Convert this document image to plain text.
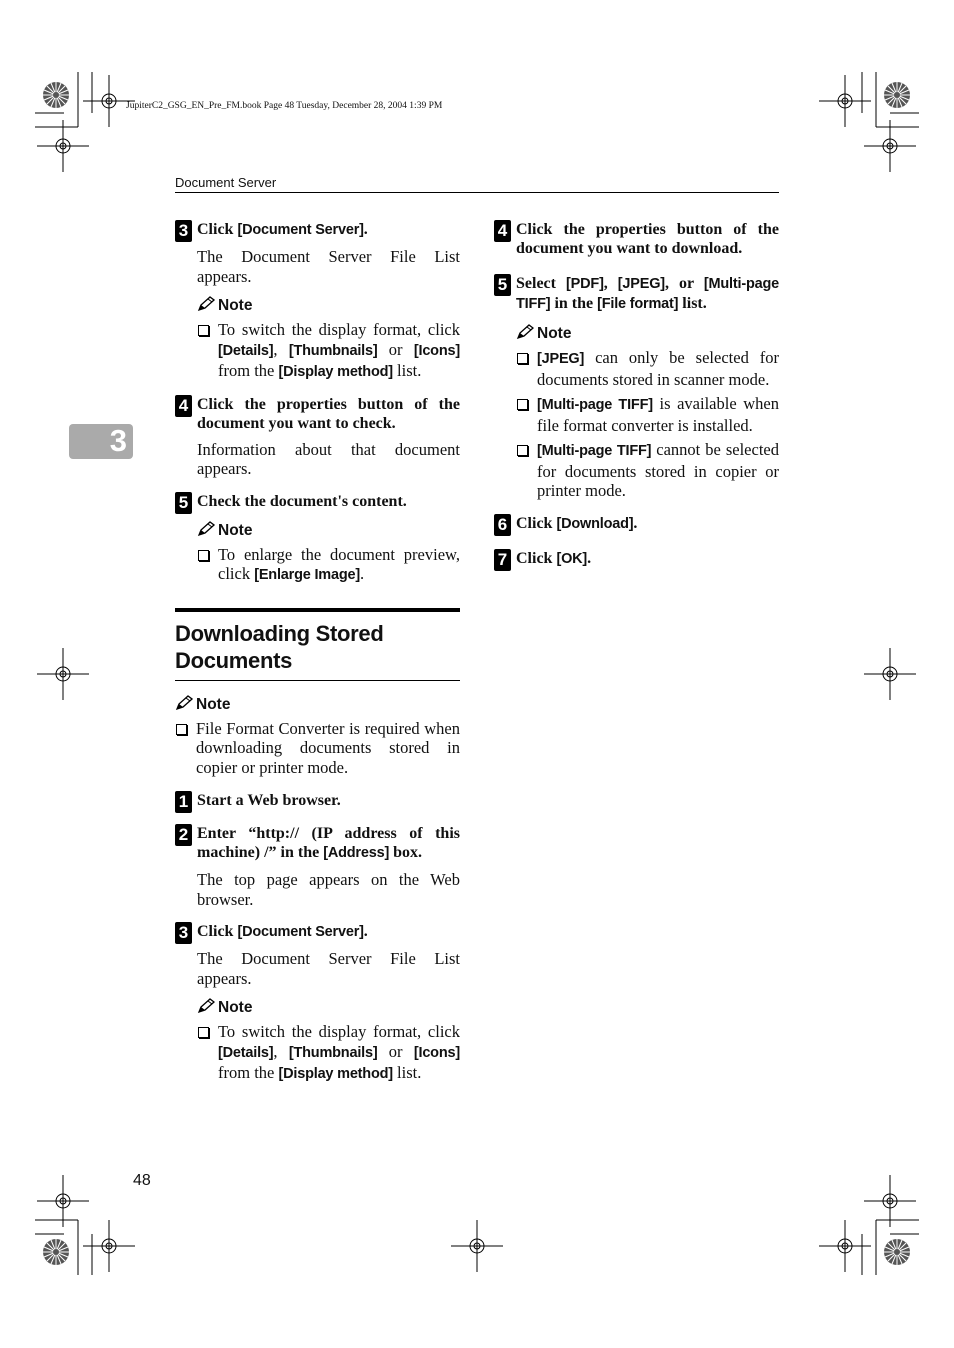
JupiterC2_GSG_EN_Pre_FM.book Page 48 Tuesday, December 28, 2004 1:39 PM
Document Server
3
3 Click [Document Server].
The Document Server File List appears.
Note
To switch the display format, click [Details], [Thumbnails] or [Icons] from the [Display method] list.
4 Click the properties button of the document you want to check.
Information about that document appears.
5 Check the document's content.
Note
To enlarge the document preview, click [Enlarge Image].
Downloading Stored Documents
Note
File Format Converter is required when downloading documents stored in copier or printer mode.
1 Start a Web browser.
2 Enter “http:// (IP address of this machine) /” in the [Address] box.
The top page appears on the Web browser.
3 Click [Document Server].
The Document Server File List appears.
Note
To switch the display format, click [Details], [Thumbnails] or [Icons] from the [Display method] list.
4 Click the properties button of the document you want to download.
5 Select [PDF], [JPEG], or [Multi-page TIFF] in the [File format] list.
Note
[JPEG] can only be selected for documents stored in scanner mode.
[Multi-page TIFF] is available when file format converter is installed.
[Multi-page TIFF] cannot be selected for documents stored in copier or printer mode.
6 Click [Download].
7 Click [OK].
48
